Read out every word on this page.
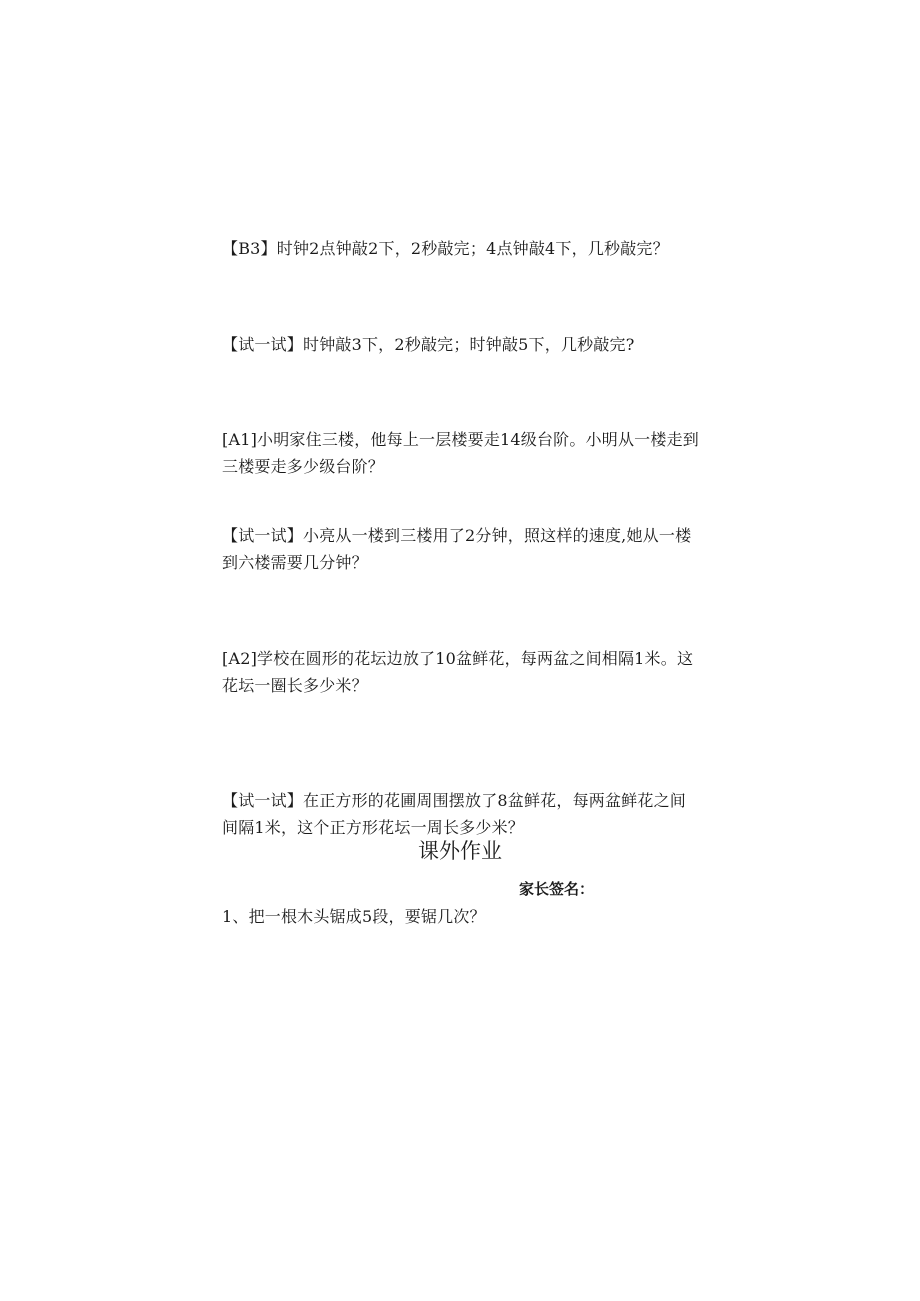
【B3】时钟2点钟敲2下，2秒敲完；4点钟敲4下，几秒敲完？
【试一试】时钟敲3下，2秒敲完；时钟敲5下，几秒敲完?
[A1]小明家住三楼，他每上一层楼要走14级台阶。小明从一楼走到三楼要走多少级台阶？
【试一试】小亮从一楼到三楼用了2分钟，照这样的速度,她从一楼到六楼需要几分钟？
[A2]学校在圆形的花坛边放了10盆鲜花，每两盆之间相隔1米。这花坛一圈长多少米？
【试一试】在正方形的花圃周围摆放了8盆鲜花，每两盆鲜花之间间隔1米，这个正方形花坛一周长多少米？
课外作业
家长签名：
1、把一根木头锯成5段，要锯几次？
